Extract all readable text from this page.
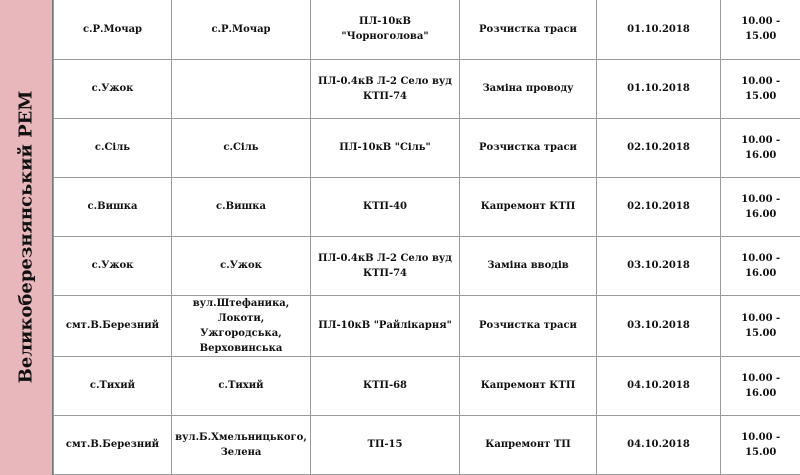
Великоберезнянський РЕМ
с.Р.Мочар	с.Р.Мочар	ПЛ-10кВ "Чорноголова"	Розчистка траси	01.10.2018	10.00 - 15.00

с.Ужок		ПЛ-0.4кВ Л-2 Село вуд
КТП-74	Заміна проводу	01.10.2018	10.00 - 15.00

с.Сіль	с.Сіль	ПЛ-10кВ "Сіль"	Розчистка траси	02.10.2018	10.00 - 16.00

с.Вишка	с.Вишка	КТП-40	Капремонт КТП	02.10.2018	10.00 - 16.00

с.Ужок	с.Ужок	ПЛ-0.4кВ Л-2 Село вуд
КТП-74	Заміна вводів	03.10.2018	10.00 - 16.00

смт.В.Березний	вул.Штефаника, Локоти,
Ужгородська,
Верховинська	ПЛ-10кВ "Райлікарня"	Розчистка траси	03.10.2018	10.00 - 15.00

с.Тихий	с.Тихий	КТП-68	Капремонт КТП	04.10.2018	10.00 - 16.00

смт.В.Березний	вул.Б.Хмельницького,
Зелена	ТП-15	Капремонт ТП	04.10.2018	10.00 - 15.00
